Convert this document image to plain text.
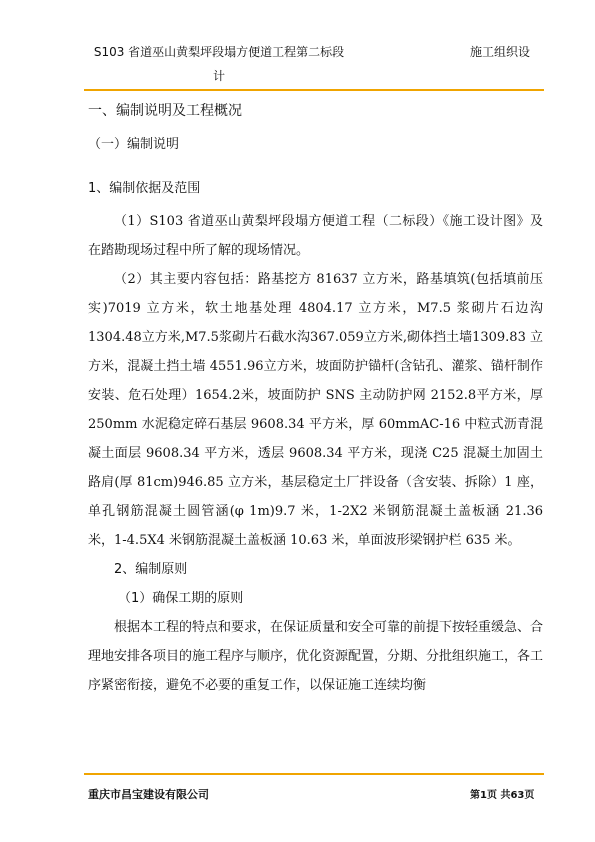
S103 省道巫山黄梨坪段塌方便道工程第二标段
计
施工组织设

一、编制说明及工程概况

（一）编制说明

1、编制依据及范围

（1）S103 省道巫山黄梨坪段塌方便道工程（二标段）《施工设计图》及在踏勘现场过程中所了解的现场情况。

（2）其主要内容包括：路基挖方 81637 立方米，路基填筑(包括填前压实)7019 立方米，软土地基处理 4804.17 立方米，M7.5 浆砌片石边沟 1304.48立方米,M7.5浆砌片石截水沟367.059立方米,砌体挡土墙1309.83 立方米，混凝土挡土墙 4551.96立方米，坡面防护锚杆(含钻孔、灌浆、锚杆制作安装、危石处理）1654.2米，坡面防护 SNS 主动防护网 2152.8平方米，厚 250mm 水泥稳定碎石基层 9608.34 平方米，厚 60mmAC-16 中粒式沥青混凝土面层 9608.34 平方米，透层 9608.34 平方米，现浇 C25 混凝土加固土路肩(厚 81cm)946.85 立方米，基层稳定土厂拌设备（含安装、拆除）1 座，单孔钢筋混凝土圆管涵(φ 1m)9.7 米，1-2X2 米钢筋混凝土盖板涵 21.36 米，1-4.5X4 米钢筋混凝土盖板涵 10.63 米，单面波形梁钢护栏 635 米。

2、编制原则

（1）确保工期的原则

根据本工程的特点和要求，在保证质量和安全可靠的前提下按轻重缓急、合理地安排各项目的施工程序与顺序，优化资源配置，分期、分批组织施工，各工序紧密衔接，避免不必要的重复工作，以保证施工连续均衡

重庆市昌宝建设有限公司	第1页 共63页
